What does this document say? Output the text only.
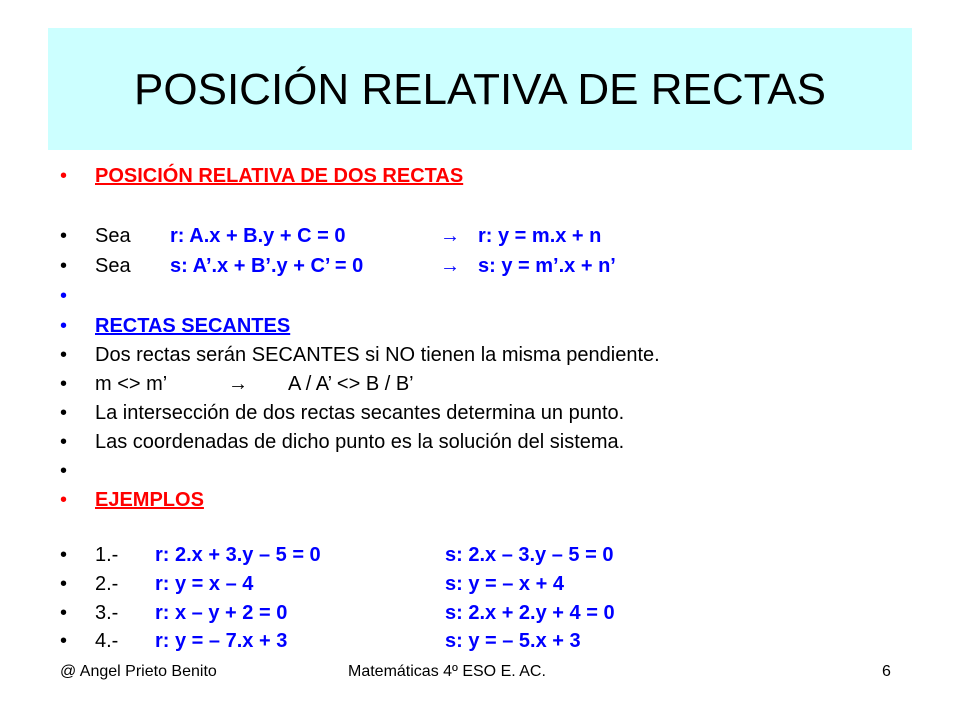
POSICIÓN RELATIVA DE RECTAS
•	POSICIÓN RELATIVA DE DOS RECTAS
•	Sea r: A.x + B.y + C = 0	→ r: y = m.x + n
•	Sea s: A’.x + B’.y + C’ = 0	→ s: y = m’.x + n’
•
•	RECTAS SECANTES
•	Dos rectas serán SECANTES si NO tienen la misma pendiente.
•	m <> m’	→ A / A’ <> B / B’
•	La intersección de dos rectas secantes determina un punto.
•	Las coordenadas de dicho punto es la solución del sistema.
•
•	EJEMPLOS
•	1.- r: 2.x + 3.y – 5 = 0	s: 2.x – 3.y – 5 = 0
•	2.- r: y = x – 4	s: y = – x + 4
•	3.- r: x – y + 2 = 0	s: 2.x + 2.y + 4 = 0
•	4.- r: y = – 7.x + 3	s: y = – 5.x + 3
@ Angel Prieto Benito	Matemáticas 4º ESO E. AC.	6
